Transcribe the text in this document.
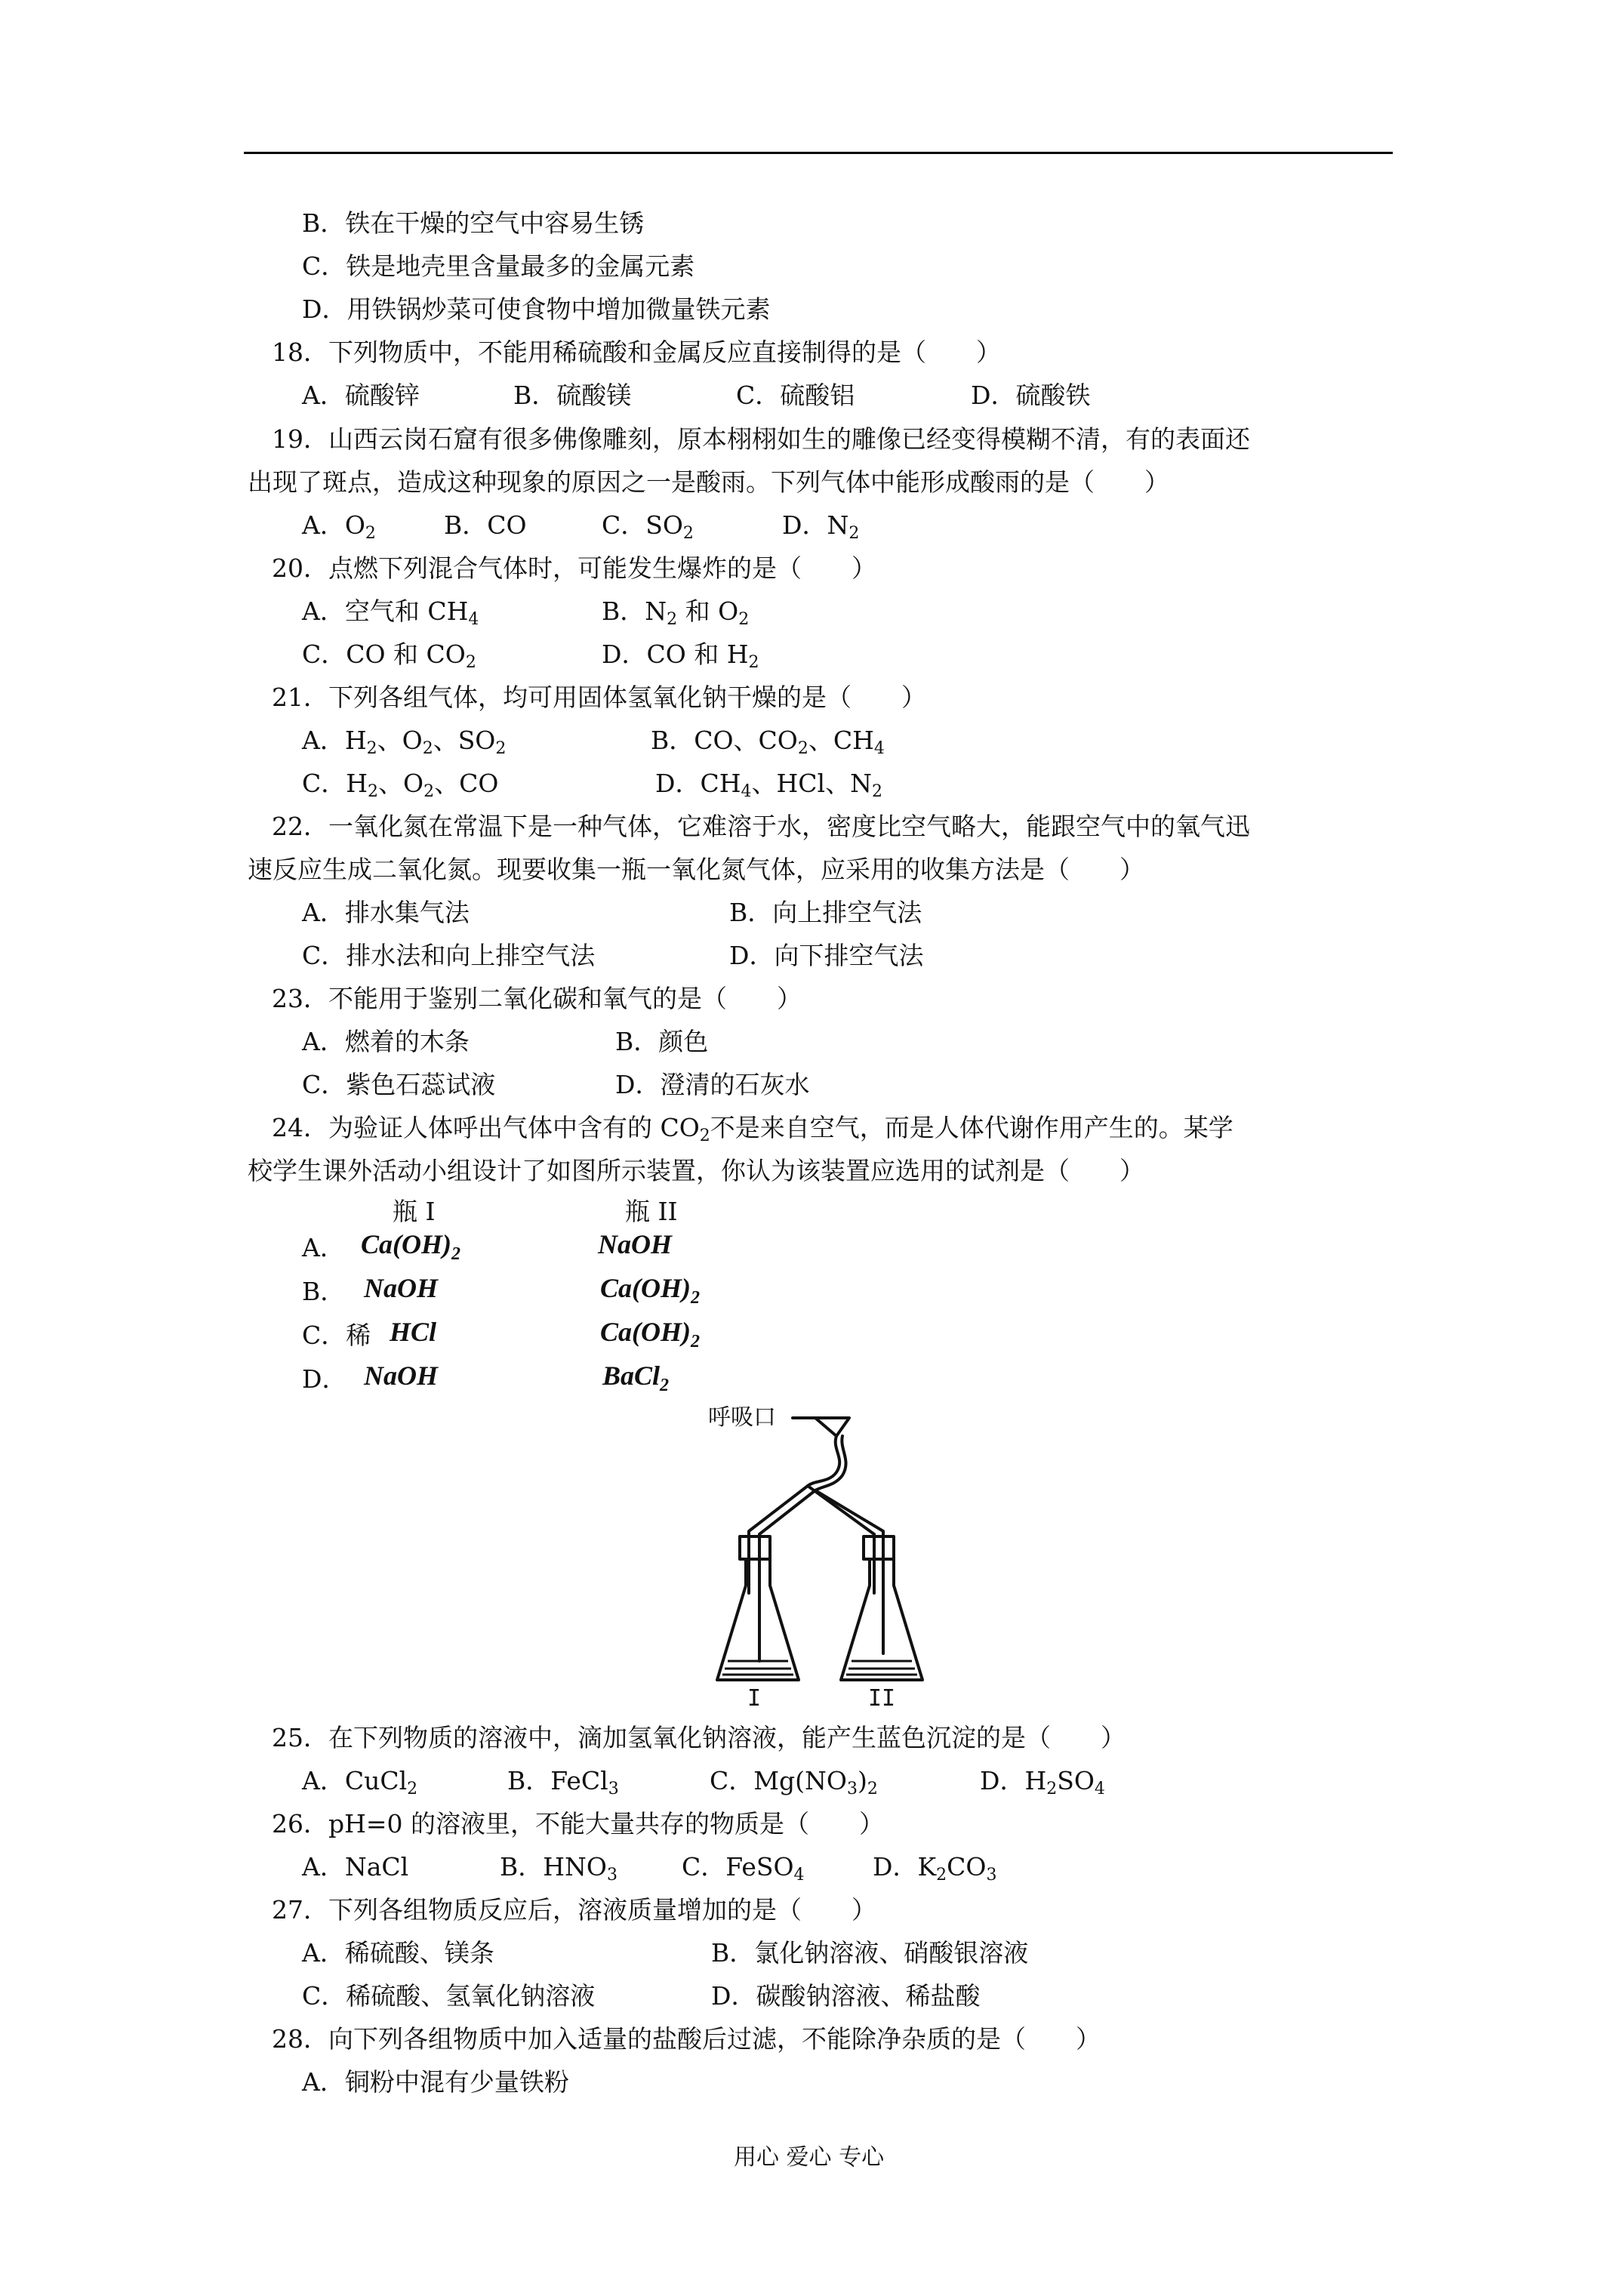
B．铁在干燥的空气中容易生锈
C．铁是地壳里含量最多的金属元素
D．用铁锅炒菜可使食物中增加微量铁元素
18．下列物质中，不能用稀硫酸和金属反应直接制得的是（　　）
A．硫酸锌	B．硫酸镁	C．硫酸铝	D．硫酸铁
19．山西云岗石窟有很多佛像雕刻，原本栩栩如生的雕像已经变得模糊不清，有的表面还
出现了斑点，造成这种现象的原因之一是酸雨。下列气体中能形成酸雨的是（　　）
A．$O_2$	B．CO	C．$SO_2$	D．$N_2$
20．点燃下列混合气体时，可能发生爆炸的是（　　）
A．空气和 $CH_4$	B．$N_2$ 和 $O_2$
C．CO 和 $CO_2$	D．CO 和 $H_2$
21．下列各组气体，均可用固体氢氧化钠干燥的是（　　）
A．$H_2$、$O_2$、$SO_2$	B．CO、$CO_2$、$CH_4$
C．$H_2$、$O_2$、CO	D．$CH_4$、HCl、$N_2$
22．一氧化氮在常温下是一种气体，它难溶于水，密度比空气略大，能跟空气中的氧气迅
速反应生成二氧化氮。现要收集一瓶一氧化氮气体，应采用的收集方法是（　　）
A．排水集气法	B．向上排空气法
C．排水法和向上排空气法	D．向下排空气法
23．不能用于鉴别二氧化碳和氧气的是（　　）
A．燃着的木条	B．颜色
C．紫色石蕊试液	D．澄清的石灰水
24．为验证人体呼出气体中含有的 $CO_2$不是来自空气，而是人体代谢作用产生的。某学
校学生课外活动小组设计了如图所示装置，你认为该装置应选用的试剂是（　　）
瓶 I	瓶 II
A． $Ca(OH)_2$	NaOH
B． NaOH	$Ca(OH)_2$
C．稀 HCl	$Ca(OH)_2$
D． NaOH	BaCl$_2$
呼吸口
I	II
25．在下列物质的溶液中，滴加氢氧化钠溶液，能产生蓝色沉淀的是（　　）
A．CuCl$_2$	B．FeCl$_3$	C．$Mg(NO_3)_2$	D．$H_2SO_4$
26．pH=0 的溶液里，不能大量共存的物质是（　　）
A．NaCl	B．$HNO_3$	C．FeSO$_4$	D．$K_2CO_3$
27．下列各组物质反应后，溶液质量增加的是（　　）
A．稀硫酸、镁条	B．氯化钠溶液、硝酸银溶液
C．稀硫酸、氢氧化钠溶液	D．碳酸钠溶液、稀盐酸
28．向下列各组物质中加入适量的盐酸后过滤，不能除净杂质的是（　　）
A．铜粉中混有少量铁粉
用心 爱心 专心
